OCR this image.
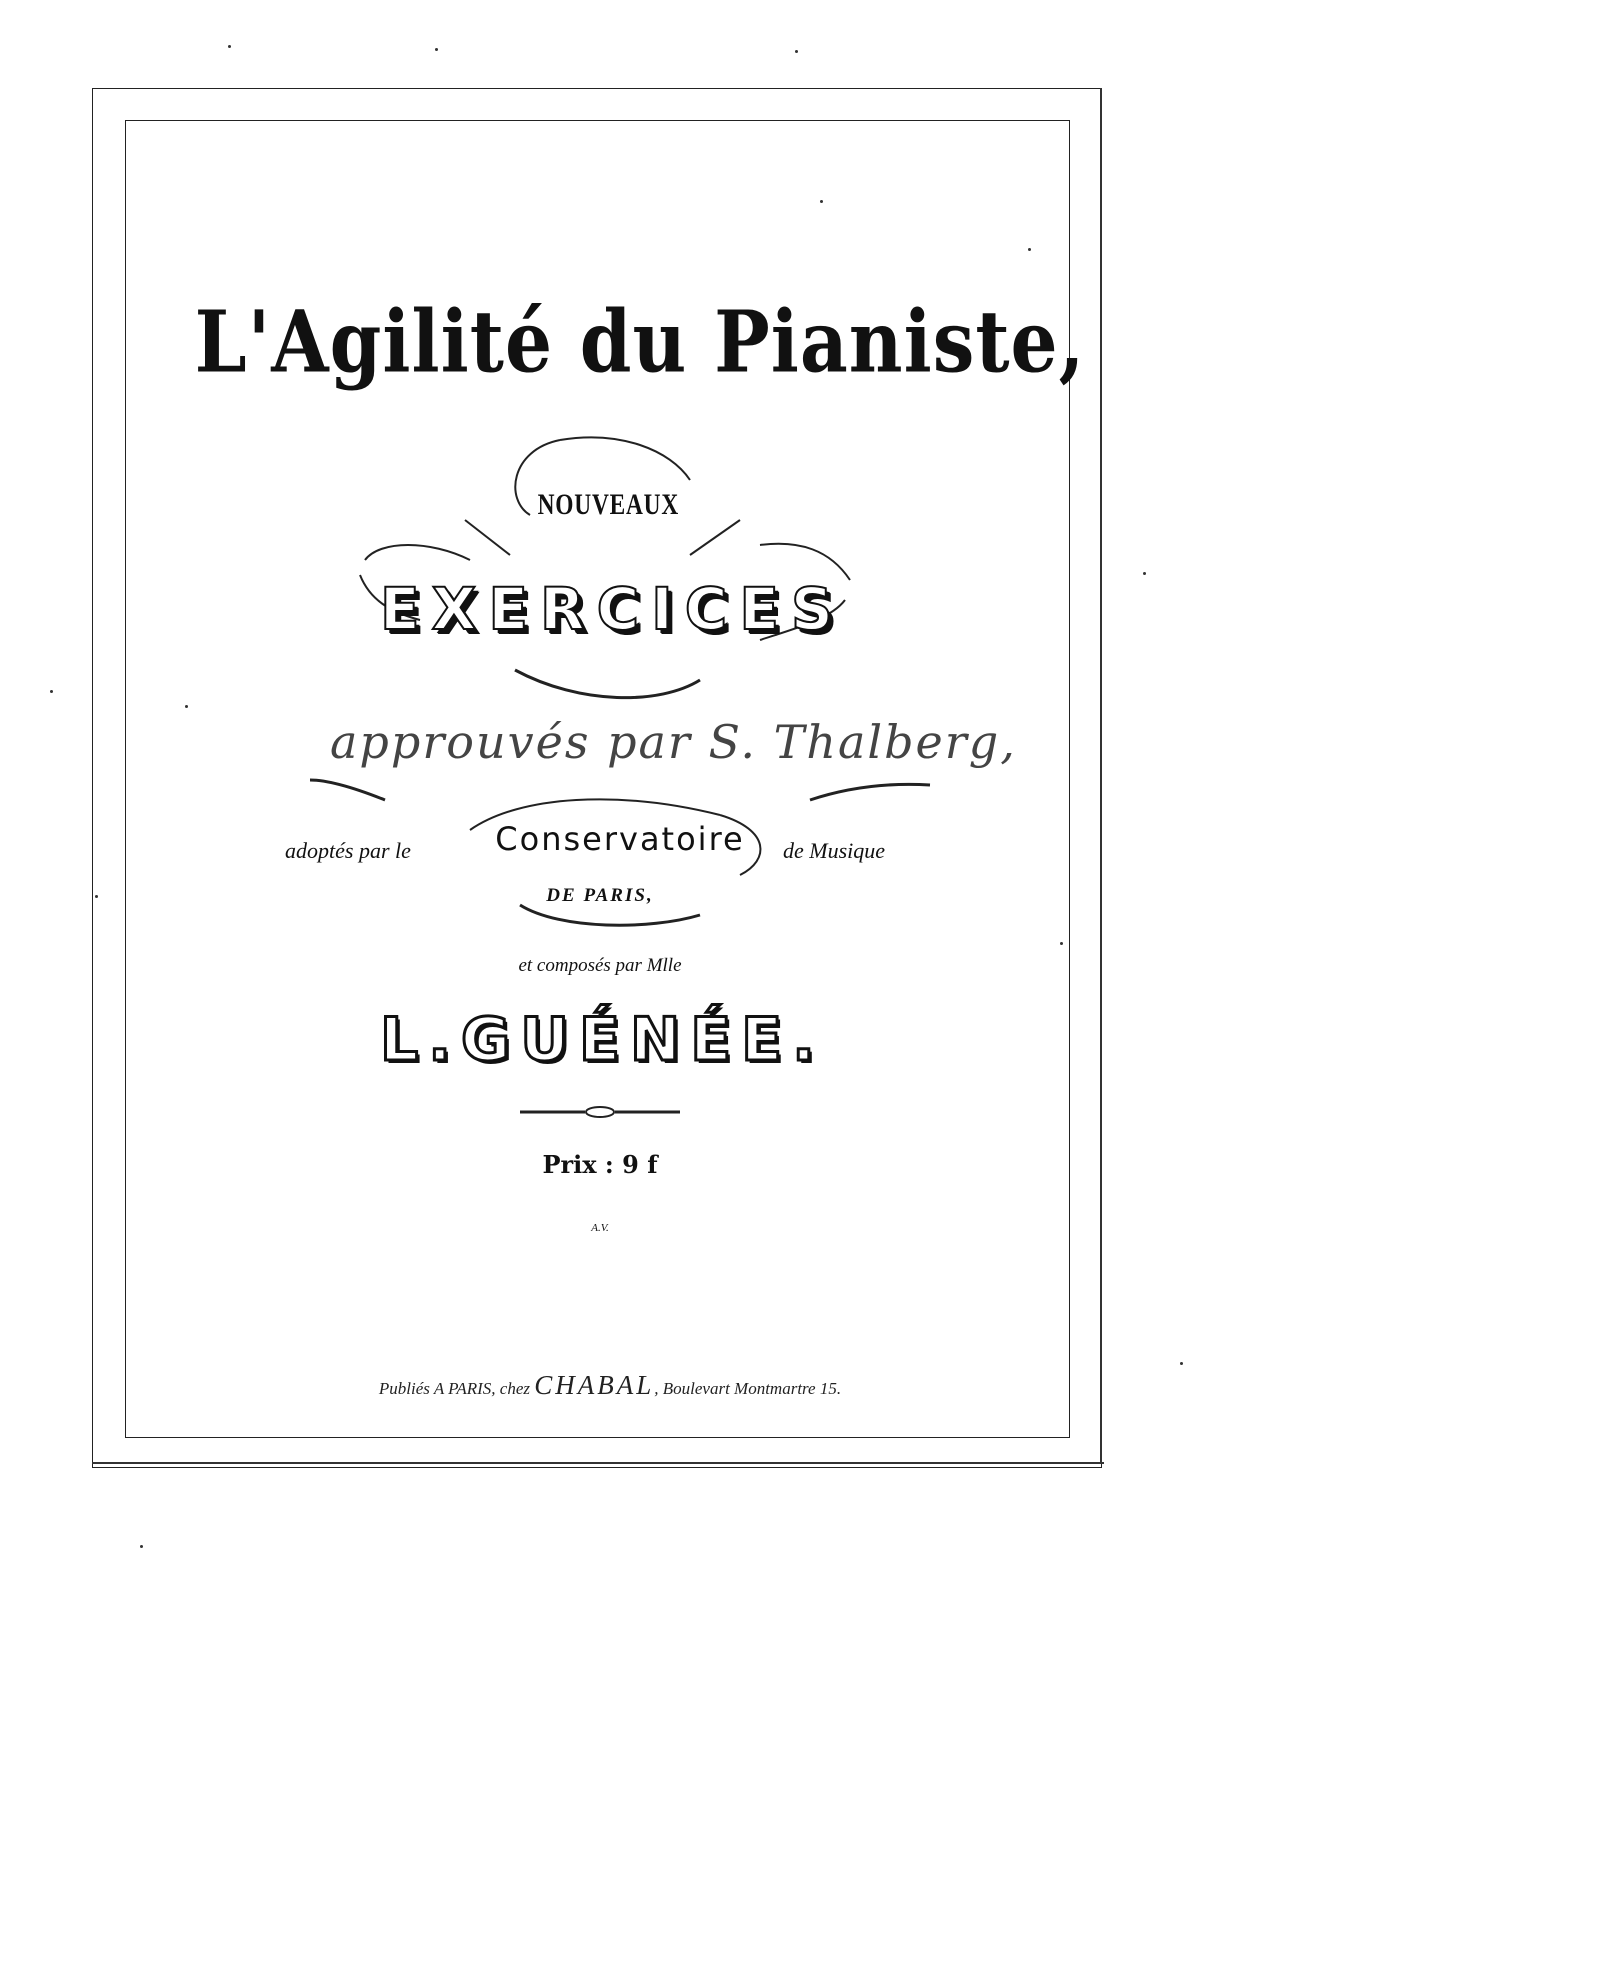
L'Agilité du Pianiste,
NOUVEAUX
EXERCICES
approuvés par S. Thalberg,
adoptés par le	Conservatoire	de Musique
DE PARIS,
et composés par Mlle
L.GUÉNÉE.
Prix : 9 f
A.V.
Publiés A PARIS, chez CHABAL, Boulevart Montmartre 15.
